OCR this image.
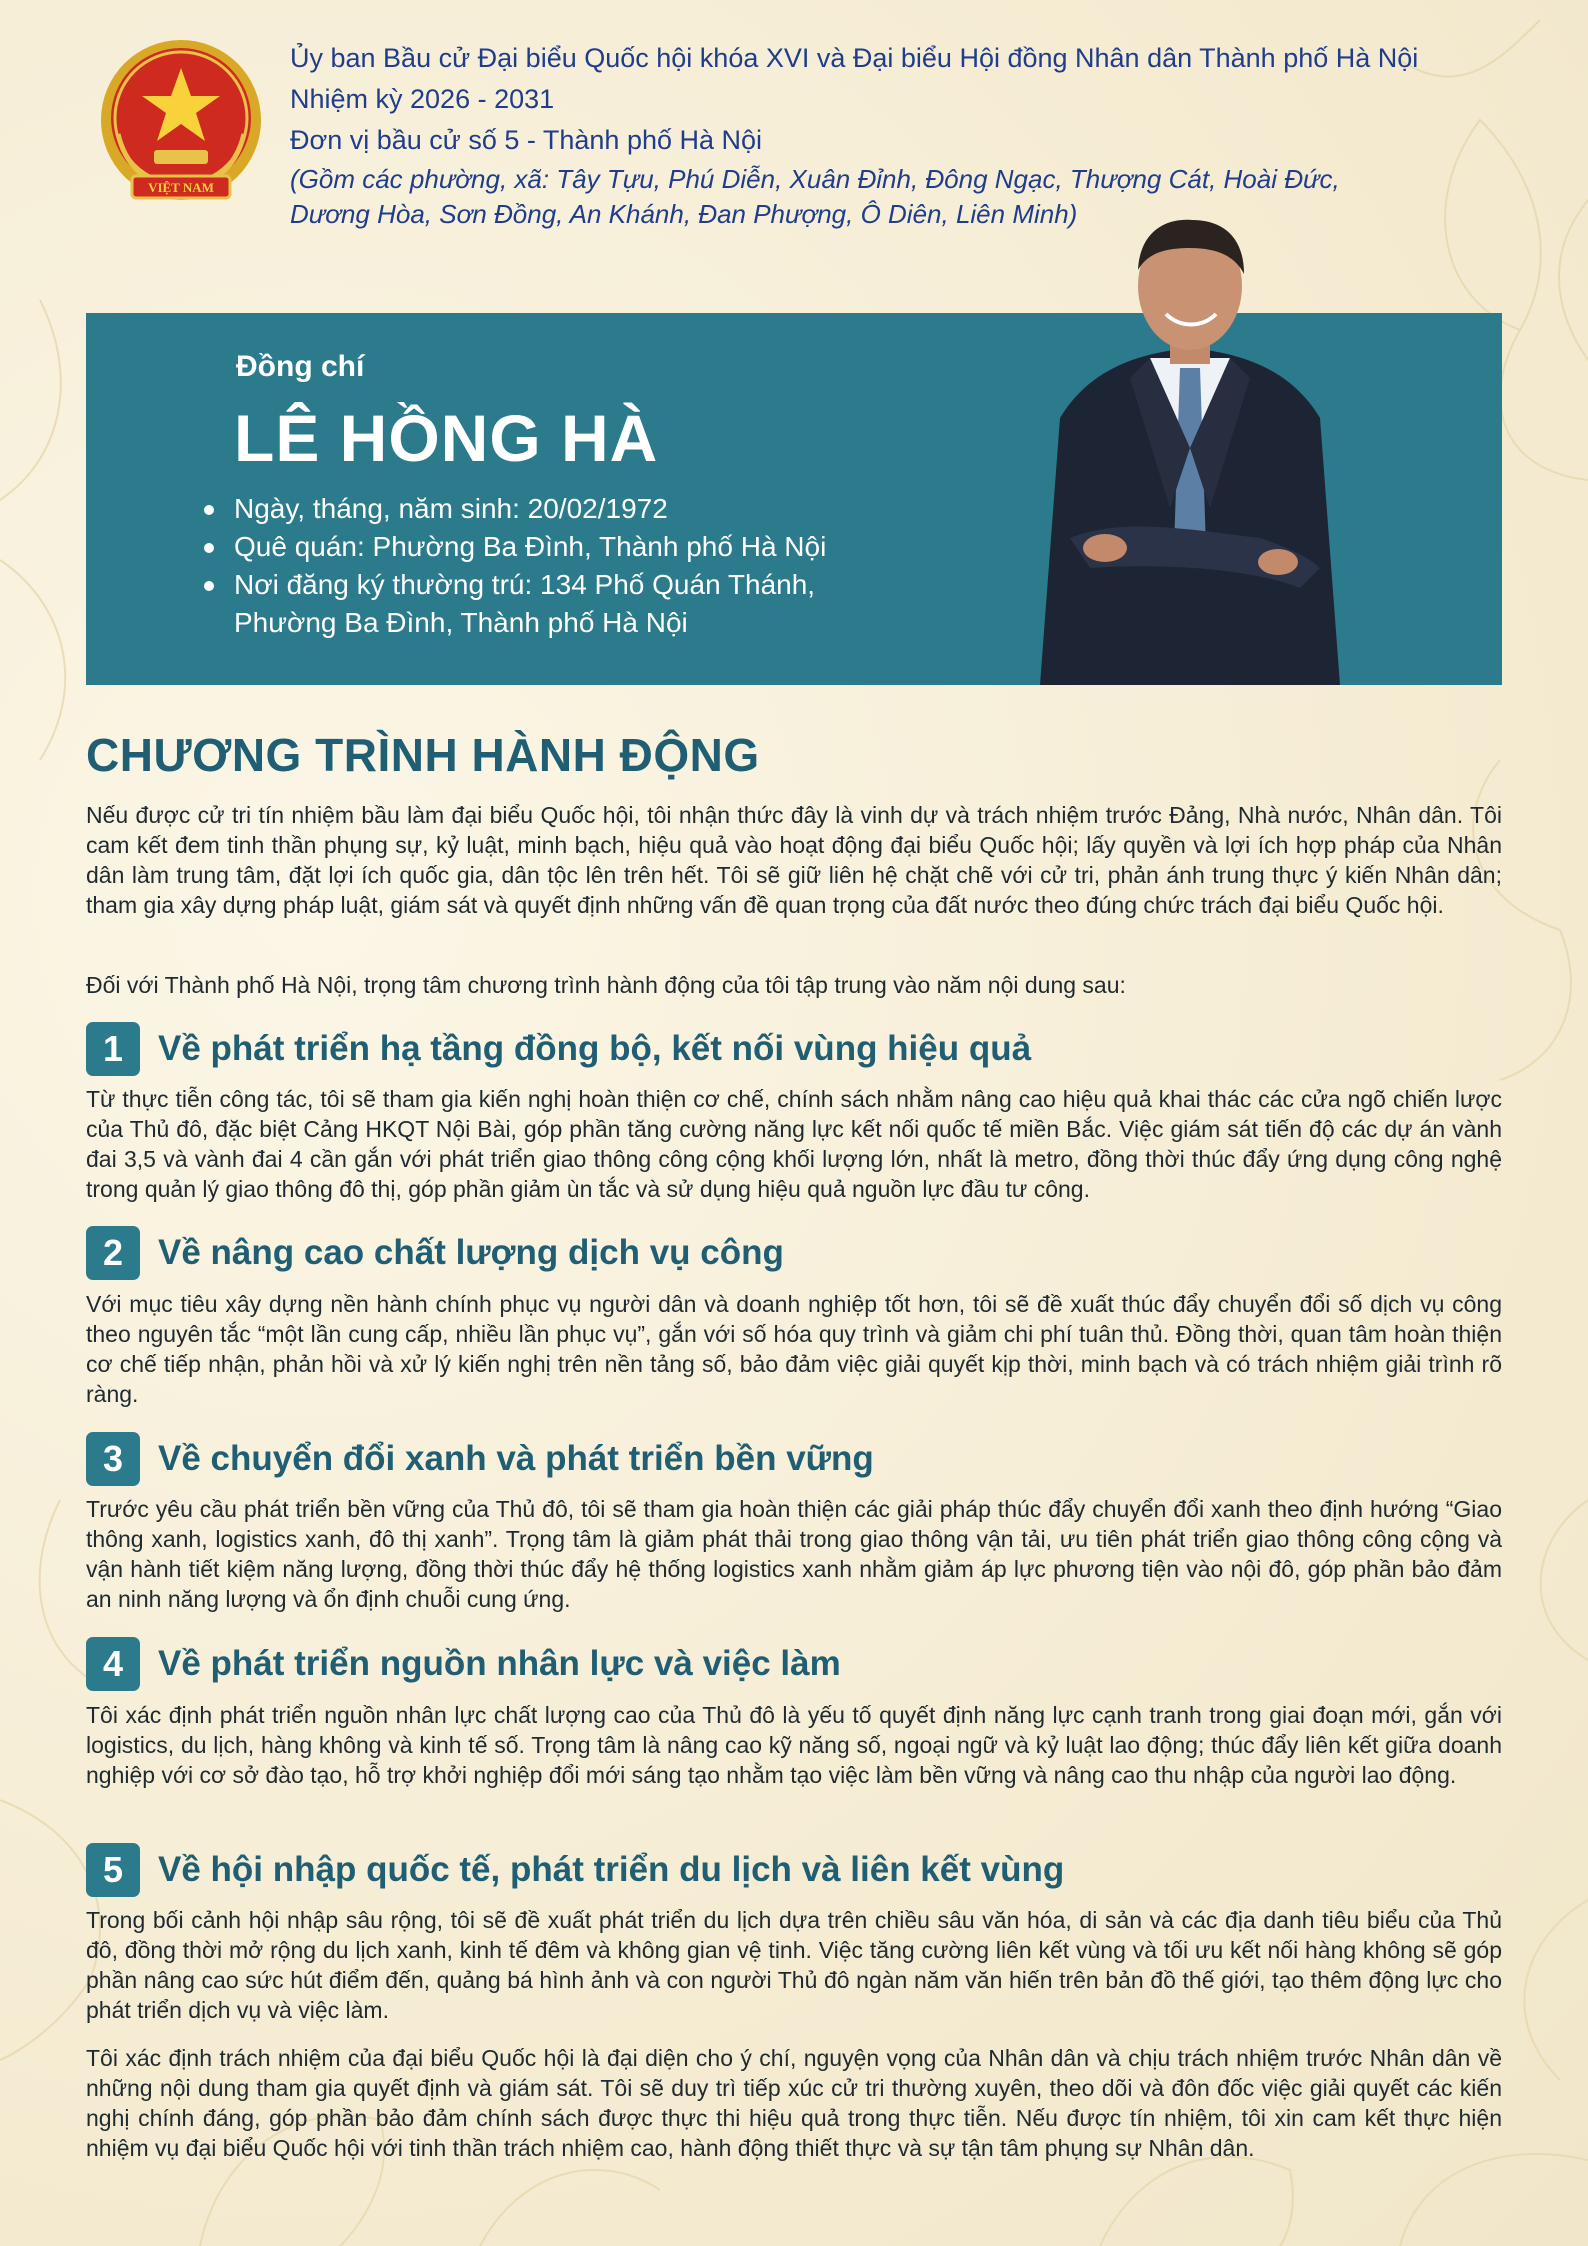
VIỆT NAM
Ủy ban Bầu cử Đại biểu Quốc hội khóa XVI và Đại biểu Hội đồng Nhân dân Thành phố Hà Nội
Nhiệm kỳ 2026 - 2031
Đơn vị bầu cử số 5 - Thành phố Hà Nội
(Gồm các phường, xã: Tây Tựu, Phú Diễn, Xuân Đỉnh, Đông Ngạc, Thượng Cát, Hoài Đức,
Dương Hòa, Sơn Đồng, An Khánh, Đan Phượng, Ô Diên, Liên Minh)
Đồng chí
LÊ HỒNG HÀ
Ngày, tháng, năm sinh: 20/02/1972
Quê quán: Phường Ba Đình, Thành phố Hà Nội
Nơi đăng ký thường trú: 134 Phố Quán Thánh,
Phường Ba Đình, Thành phố Hà Nội
CHƯƠNG TRÌNH HÀNH ĐỘNG
Nếu được cử tri tín nhiệm bầu làm đại biểu Quốc hội, tôi nhận thức đây là vinh dự và trách nhiệm trước Đảng, Nhà nước, Nhân dân. Tôi cam kết đem tinh thần phụng sự, kỷ luật, minh bạch, hiệu quả vào hoạt động đại biểu Quốc hội; lấy quyền và lợi ích hợp pháp của Nhân dân làm trung tâm, đặt lợi ích quốc gia, dân tộc lên trên hết. Tôi sẽ giữ liên hệ chặt chẽ với cử tri, phản ánh trung thực ý kiến Nhân dân; tham gia xây dựng pháp luật, giám sát và quyết định những vấn đề quan trọng của đất nước theo đúng chức trách đại biểu Quốc hội.
Đối với Thành phố Hà Nội, trọng tâm chương trình hành động của tôi tập trung vào năm nội dung sau:
1 Về phát triển hạ tầng đồng bộ, kết nối vùng hiệu quả
Từ thực tiễn công tác, tôi sẽ tham gia kiến nghị hoàn thiện cơ chế, chính sách nhằm nâng cao hiệu quả khai thác các cửa ngõ chiến lược của Thủ đô, đặc biệt Cảng HKQT Nội Bài, góp phần tăng cường năng lực kết nối quốc tế miền Bắc. Việc giám sát tiến độ các dự án vành đai 3,5 và vành đai 4 cần gắn với phát triển giao thông công cộng khối lượng lớn, nhất là metro, đồng thời thúc đẩy ứng dụng công nghệ trong quản lý giao thông đô thị, góp phần giảm ùn tắc và sử dụng hiệu quả nguồn lực đầu tư công.
2 Về nâng cao chất lượng dịch vụ công
Với mục tiêu xây dựng nền hành chính phục vụ người dân và doanh nghiệp tốt hơn, tôi sẽ đề xuất thúc đẩy chuyển đổi số dịch vụ công theo nguyên tắc “một lần cung cấp, nhiều lần phục vụ”, gắn với số hóa quy trình và giảm chi phí tuân thủ. Đồng thời, quan tâm hoàn thiện cơ chế tiếp nhận, phản hồi và xử lý kiến nghị trên nền tảng số, bảo đảm việc giải quyết kịp thời, minh bạch và có trách nhiệm giải trình rõ ràng.
3 Về chuyển đổi xanh và phát triển bền vững
Trước yêu cầu phát triển bền vững của Thủ đô, tôi sẽ tham gia hoàn thiện các giải pháp thúc đẩy chuyển đổi xanh theo định hướng “Giao thông xanh, logistics xanh, đô thị xanh”. Trọng tâm là giảm phát thải trong giao thông vận tải, ưu tiên phát triển giao thông công cộng và vận hành tiết kiệm năng lượng, đồng thời thúc đẩy hệ thống logistics xanh nhằm giảm áp lực phương tiện vào nội đô, góp phần bảo đảm an ninh năng lượng và ổn định chuỗi cung ứng.
4 Về phát triển nguồn nhân lực và việc làm
Tôi xác định phát triển nguồn nhân lực chất lượng cao của Thủ đô là yếu tố quyết định năng lực cạnh tranh trong giai đoạn mới, gắn với logistics, du lịch, hàng không và kinh tế số. Trọng tâm là nâng cao kỹ năng số, ngoại ngữ và kỷ luật lao động; thúc đẩy liên kết giữa doanh nghiệp với cơ sở đào tạo, hỗ trợ khởi nghiệp đổi mới sáng tạo nhằm tạo việc làm bền vững và nâng cao thu nhập của người lao động.
5 Về hội nhập quốc tế, phát triển du lịch và liên kết vùng
Trong bối cảnh hội nhập sâu rộng, tôi sẽ đề xuất phát triển du lịch dựa trên chiều sâu văn hóa, di sản và các địa danh tiêu biểu của Thủ đô, đồng thời mở rộng du lịch xanh, kinh tế đêm và không gian vệ tinh. Việc tăng cường liên kết vùng và tối ưu kết nối hàng không sẽ góp phần nâng cao sức hút điểm đến, quảng bá hình ảnh và con người Thủ đô ngàn năm văn hiến trên bản đồ thế giới, tạo thêm động lực cho phát triển dịch vụ và việc làm.
Tôi xác định trách nhiệm của đại biểu Quốc hội là đại diện cho ý chí, nguyện vọng của Nhân dân và chịu trách nhiệm trước Nhân dân về những nội dung tham gia quyết định và giám sát. Tôi sẽ duy trì tiếp xúc cử tri thường xuyên, theo dõi và đôn đốc việc giải quyết các kiến nghị chính đáng, góp phần bảo đảm chính sách được thực thi hiệu quả trong thực tiễn. Nếu được tín nhiệm, tôi xin cam kết thực hiện nhiệm vụ đại biểu Quốc hội với tinh thần trách nhiệm cao, hành động thiết thực và sự tận tâm phụng sự Nhân dân.
